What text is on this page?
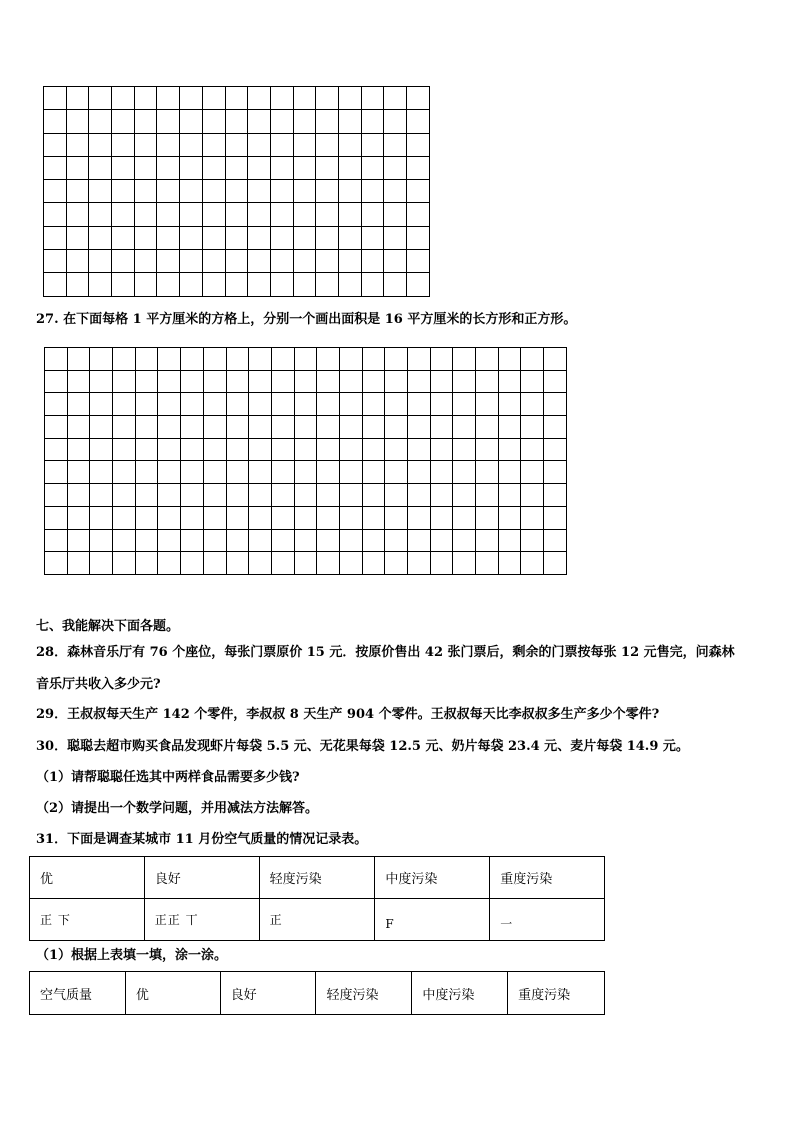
27. 在下面每格 1 平方厘米的方格上，分别一个画出面积是 16 平方厘米的长方形和正方形。

七、我能解决下面各题。
28．森林音乐厅有 76 个座位，每张门票原价 15 元．按原价售出 42 张门票后，剩余的门票按每张 12 元售完，问森林
音乐厅共收入多少元?
29．王叔叔每天生产 142 个零件，李叔叔 8 天生产 904 个零件。王叔叔每天比李叔叔多生产多少个零件?
30．聪聪去超市购买食品发现虾片每袋 5.5 元、无花果每袋 12.5 元、奶片每袋 23.4 元、麦片每袋 14.9 元。
（1）请帮聪聪任选其中两样食品需要多少钱?
（2）请提出一个数学问题，并用减法方法解答。
31．下面是调查某城市 11 月份空气质量的情况记录表。
优	良好	轻度污染	中度污染	重度污染
正 下	正正 丅	正	F	一
（1）根据上表填一填，涂一涂。
空气质量	优	良好	轻度污染	中度污染	重度污染
